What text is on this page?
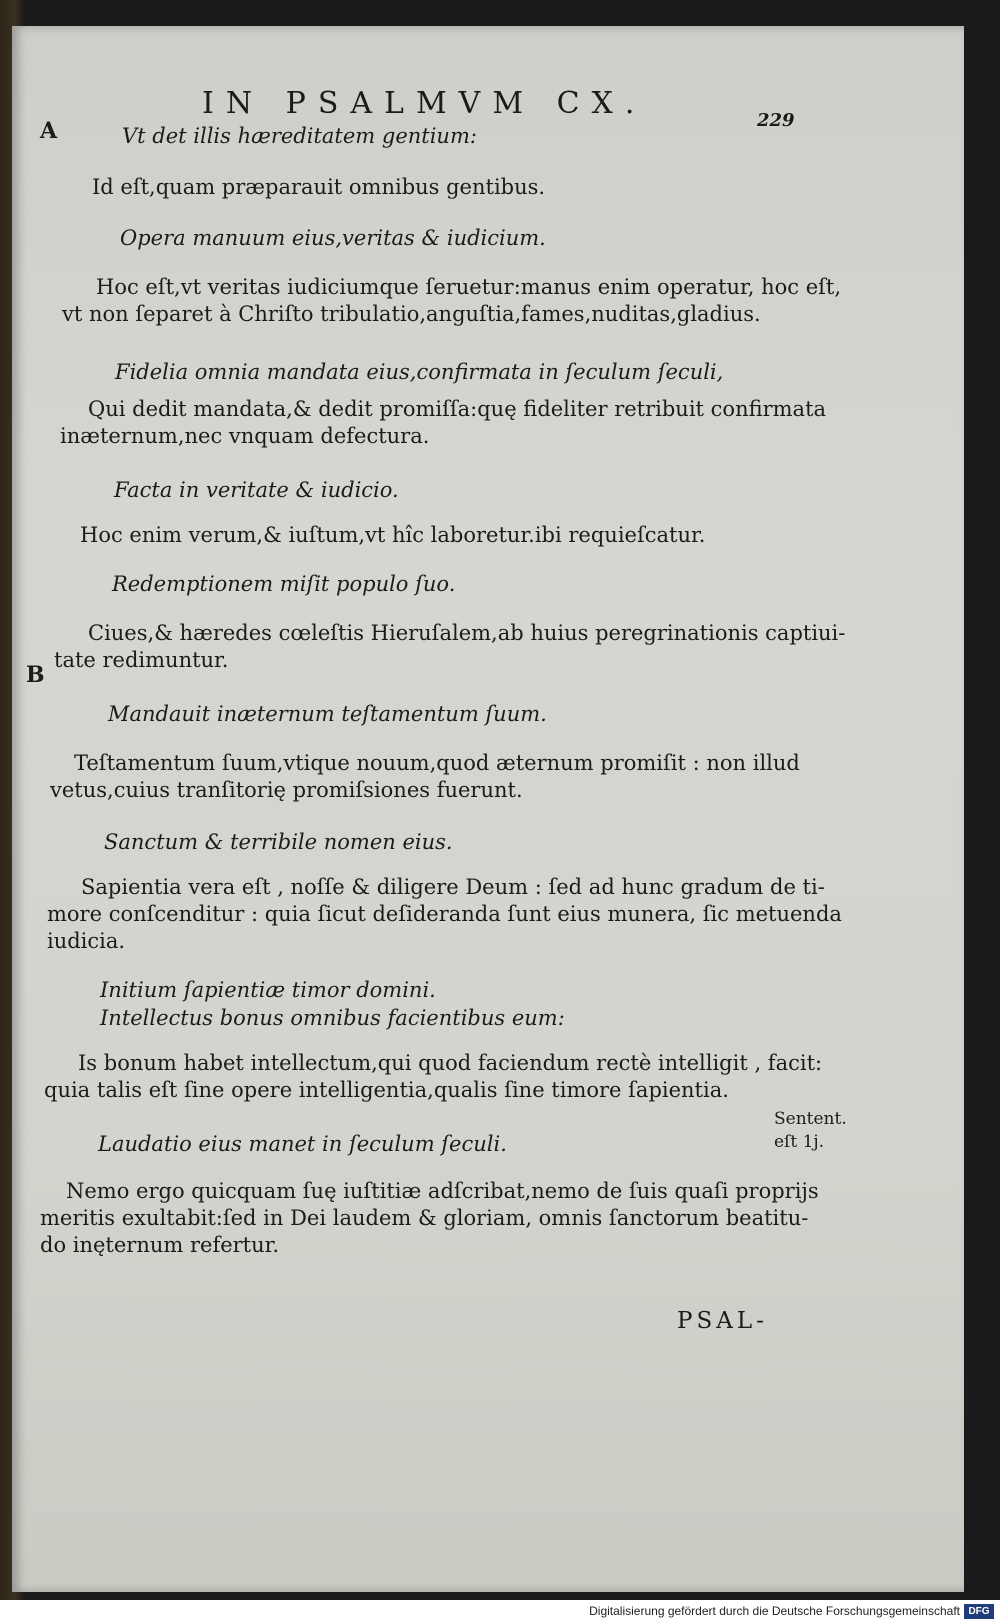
IN PSALMVM CX.	229
A
B
Vt det illis hæreditatem gentium:
Id eſt,quam præparauit omnibus gentibus.
Opera manuum eius,veritas & iudicium.
Hoc eſt,vt veritas iudiciumque ſeruetur:manus enim operatur, hoc eſt,
vt non ſeparet à Chriſto tribulatio,anguſtia,fames,nuditas,gladius.
Fidelia omnia mandata eius,confirmata in ſeculum ſeculi,
Qui dedit mandata,& dedit promiſſa:quę fideliter retribuit confirmata
inæternum,nec vnquam defectura.
Facta in veritate & iudicio.
Hoc enim verum,& iuſtum,vt hîc laboretur.ibi requieſcatur.
Redemptionem miſit populo ſuo.
Ciues,& hæredes cœleſtis Hieruſalem,ab huius peregrinationis captiui-
tate redimuntur.
Mandauit inæternum teſtamentum ſuum.
Teſtamentum ſuum,vtique nouum,quod æternum promiſit : non illud
vetus,cuius tranſitorię promiſsiones fuerunt.
Sanctum & terribile nomen eius.
Sapientia vera eſt , noſſe & diligere Deum : ſed ad hunc gradum de ti-
more conſcenditur : quia ſicut deſideranda ſunt eius munera, ſic metuenda
iudicia.
Initium ſapientiæ timor domini.
Intellectus bonus omnibus facientibus eum:
Is bonum habet intellectum,qui quod faciendum rectè intelligit , facit:
quia talis eſt ſine opere intelligentia,qualis ſine timore ſapientia.
Laudatio eius manet in ſeculum ſeculi.
Nemo ergo quicquam ſuę iuſtitiæ adſcribat,nemo de ſuis quaſi proprijs
meritis exultabit:ſed in Dei laudem & gloriam, omnis ſanctorum beatitu-
do inęternum refertur.
Sentent. eſt 1j.
PSAL-
Digitalisierung gefördert durch die Deutsche Forschungsgemeinschaft DFG
